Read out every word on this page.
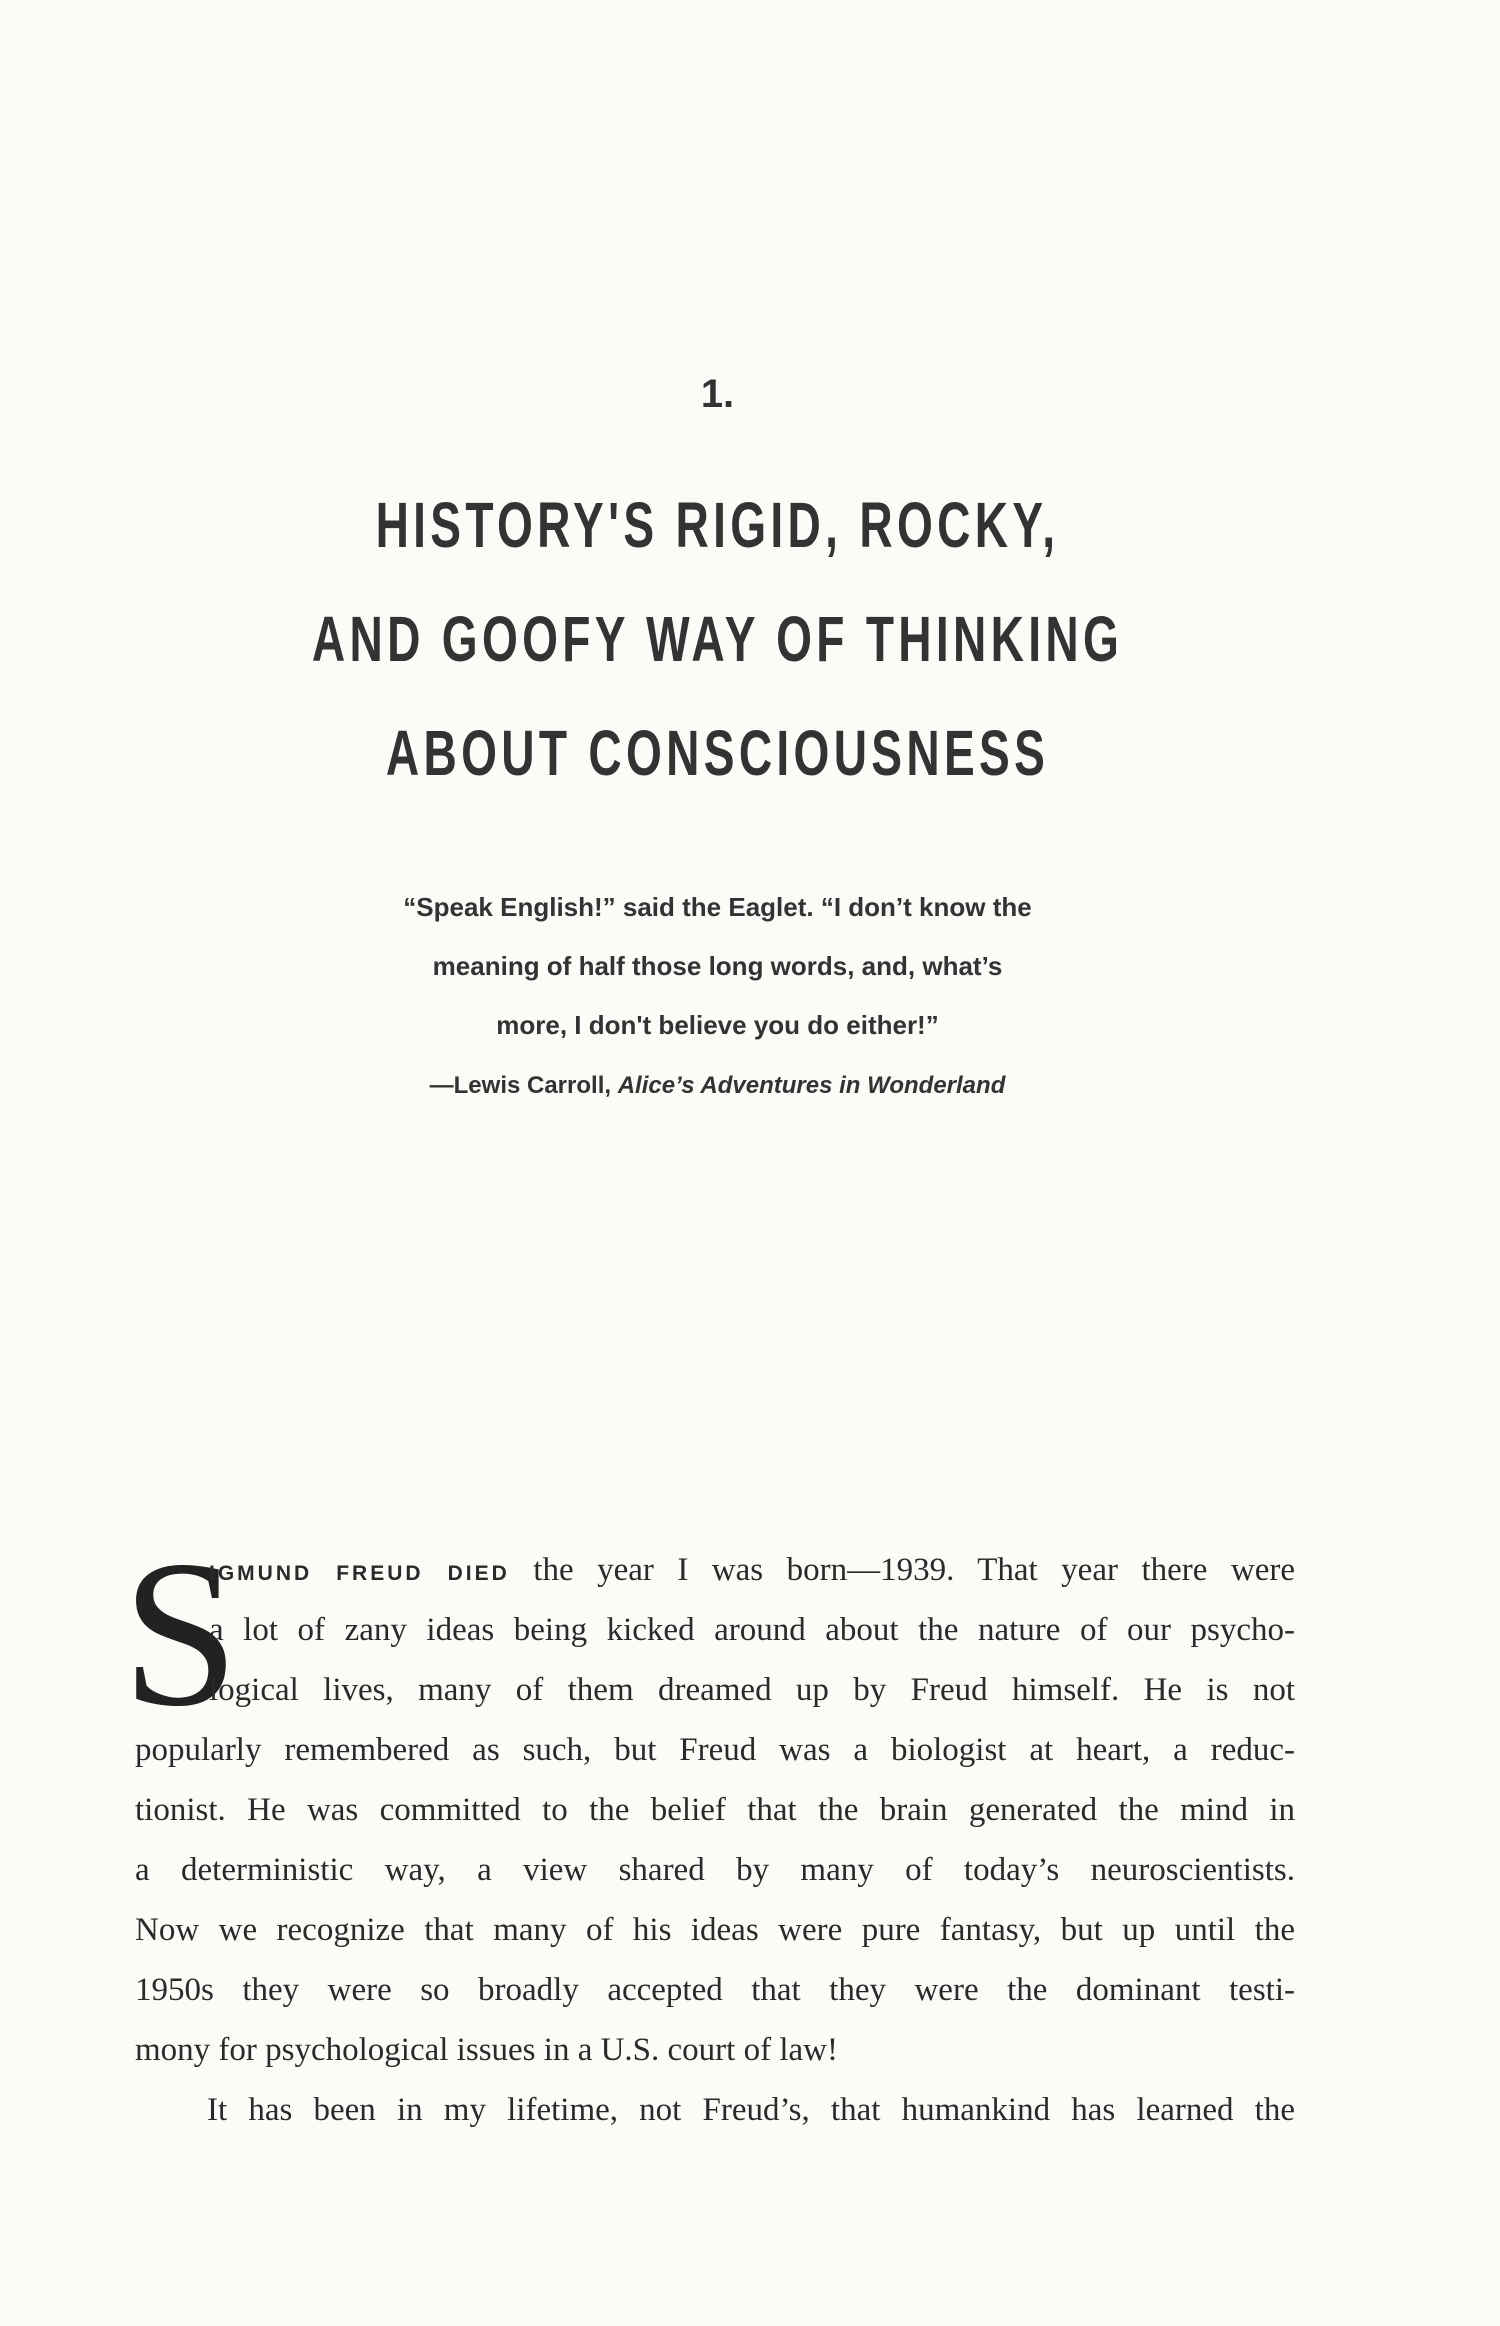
1.
HISTORY'S RIGID, ROCKY,
AND GOOFY WAY OF THINKING
ABOUT CONSCIOUSNESS
“Speak English!” said the Eaglet. “I don’t know the
meaning of half those long words, and, what’s
more, I don't believe you do either!”
—Lewis Carroll, Alice’s Adventures in Wonderland
S
IGMUND FREUD DIED the year I was born—1939. That year there were
a lot of zany ideas being kicked around about the nature of our psycho-
logical lives, many of them dreamed up by Freud himself. He is not
popularly remembered as such, but Freud was a biologist at heart, a reduc-
tionist. He was committed to the belief that the brain generated the mind in
a deterministic way, a view shared by many of today’s neuroscientists.
Now we recognize that many of his ideas were pure fantasy, but up until the
1950s they were so broadly accepted that they were the dominant testi-
mony for psychological issues in a U.S. court of law!
It has been in my lifetime, not Freud’s, that humankind has learned the
